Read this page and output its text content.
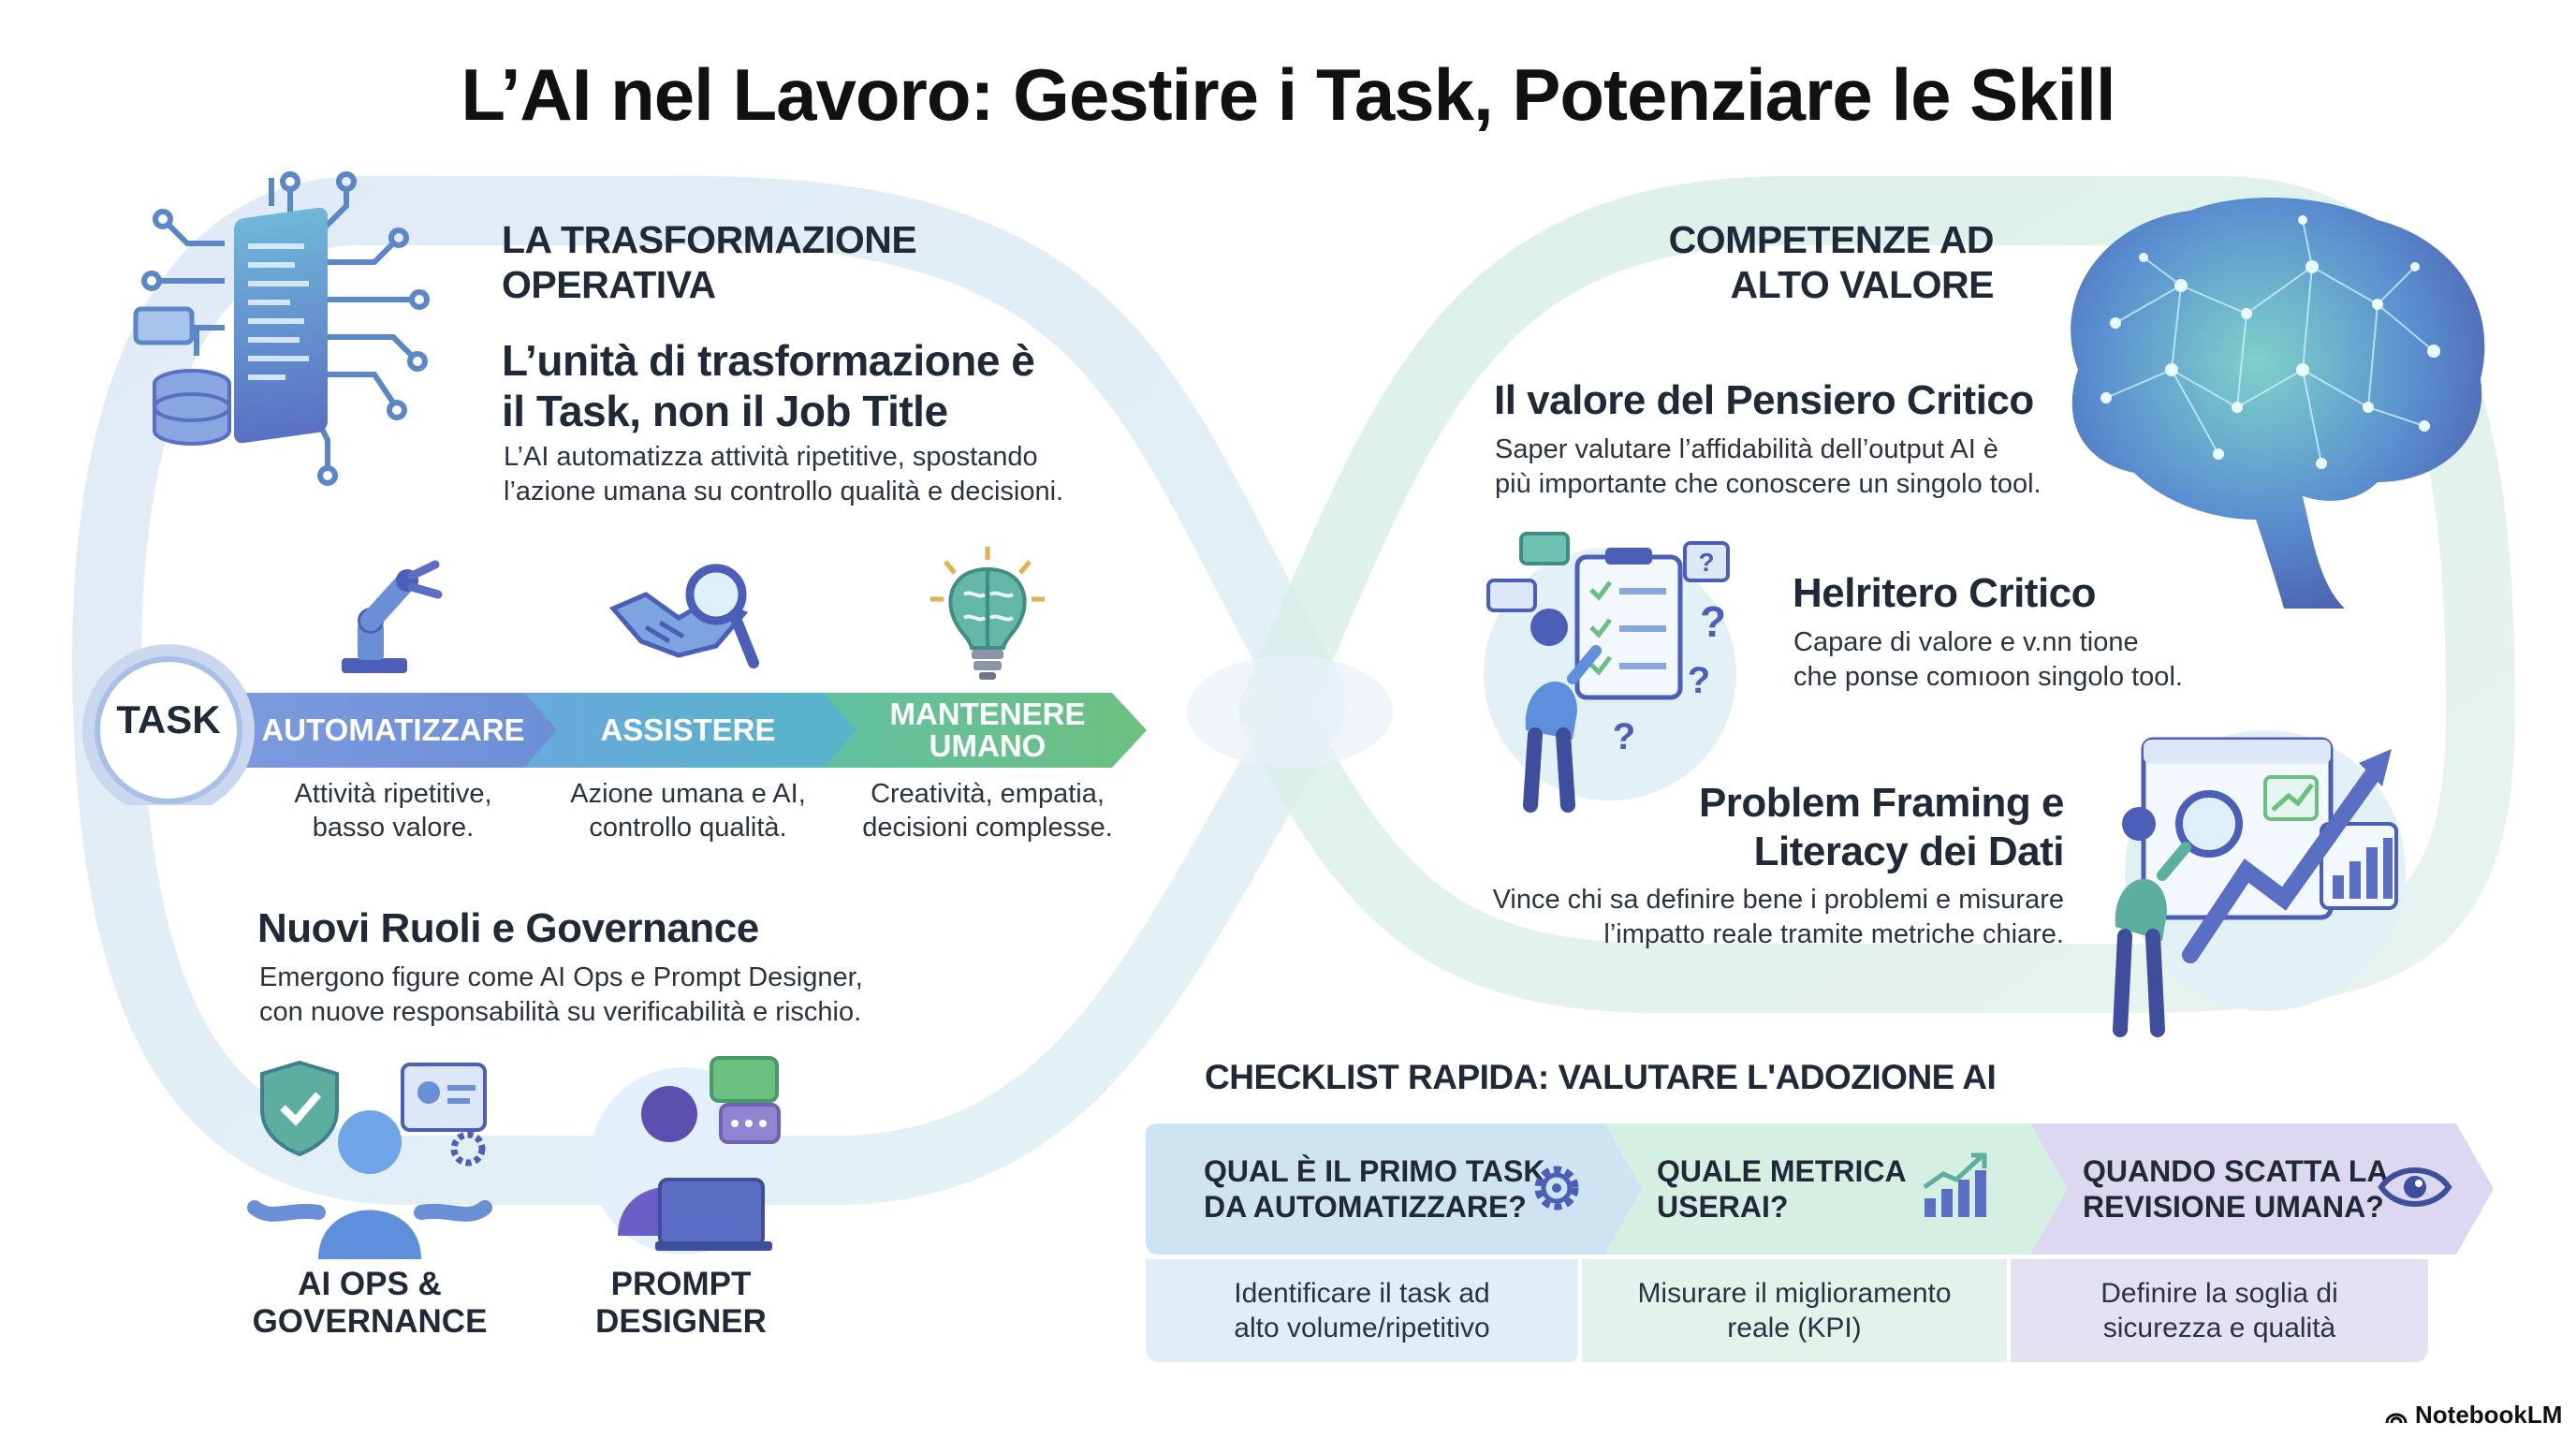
L’AI nel Lavoro: Gestire i Task, Potenziare le Skill
LA TRASFORMAZIONE
OPERATIVA
L’unità di trasformazione è
il Task, non il Job Title
L’AI automatizza attività ripetitive, spostando
l’azione umana su controllo qualità e decisioni.
TASK	AUTOMATIZZARE ASSISTERE	MANTENERE
UMANO
Attività ripetitive,
basso valore.
Azione umana e AI,
controllo qualità.
Creatività, empatia,
decisioni complesse.
Nuovi Ruoli e Governance
Emergono figure come AI Ops e Prompt Designer,
con nuove responsabilità su verificabilità e rischio.
AI OPS &
GOVERNANCE
PROMPT DESIGNER
COMPETENZE AD
ALTO VALORE
Il valore del Pensiero Critico
Saper valutare l’affidabilità dell’output AI è
più importante che conoscere un singolo tool.
?
?
?
?
Helritero Critico
Capare di valore e v.nn tione
che ponse comıoon singolo tool.
Problem Framing e
Literacy dei Dati
Vince chi sa definire bene i problemi e misurare
l’impatto reale tramite metriche chiare.
CHECKLIST RAPIDA: VALUTARE L'ADOZIONE AI
QUAL È IL PRIMO TASK
DA AUTOMATIZZARE?
QUALE METRICA
USERAI?
QUANDO SCATTA LA
REVISIONE UMANA?
Identificare il task ad
alto volume/ripetitivo
Misurare il miglioramento
reale (KPI)
Definire la soglia di
sicurezza e qualità
NotebookLM
